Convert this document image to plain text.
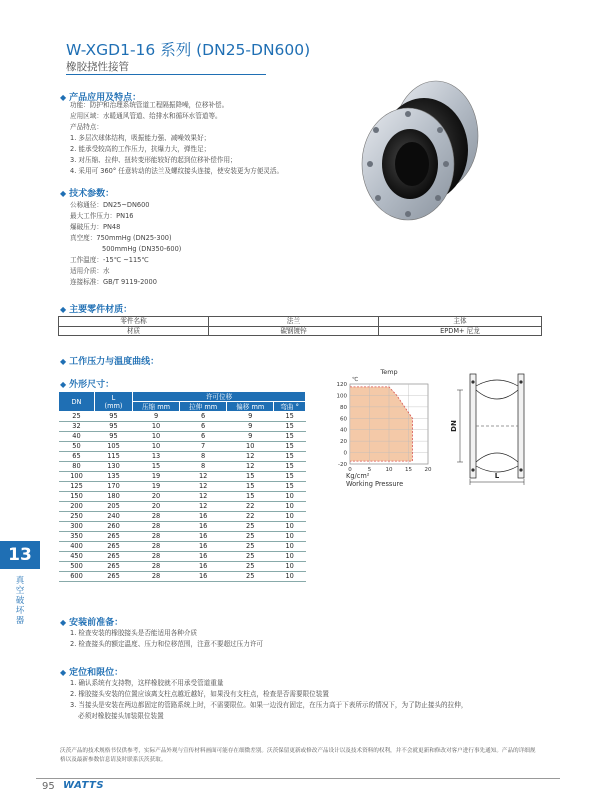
W-XGD1-16 系列 (DN25-DN600)
橡胶挠性接管
◆ 产品应用及特点：
功能：防护和治理系统管道工程隔振降噪，位移补偿。
应用区域：水暖通风管道、给排水和循环水管道等。
产品特点：
1. 多层次球体结构，吸振能力强、减噪效果好；
2. 能承受较高的工作压力，抗爆力大，弹性足；
3. 对压缩、拉伸、扭转变形能较好的起到位移补偿作用；
4. 采用可 360° 任意转动的法兰及螺纹接头连接，使安装更为方便灵活。
◆ 技术参数：
公称通径：DN25~DN600
最大工作压力：PN16
爆破压力：PN48
真空度：750mmHg (DN25-300)
500mmHg (DN350-600)
工作温度：-15℃ ~115℃
适用介质：水
连接标准：GB/T 9119-2000
◆ 主要零件材质：
零件名称	法兰	主体
材质	碳钢镀锌	EPDM+ 尼龙
◆ 工作压力与温度曲线：
◆ 外形尺寸：
DN	L
(mm)	许可位移			
		压缩 mm	拉伸 mm	偏移 mm	弯曲 °
25	95	9	6	9	15
32	95	10	6	9	15
40	95	10	6	9	15
50	105	10	7	10	15
65	115	13	8	12	15
80	130	15	8	12	15
100	135	19	12	15	15
125	170	19	12	15	15
150	180	20	12	15	10
200	205	20	12	22	10
250	240	28	16	22	10
300	260	28	16	25	10
350	265	28	16	25	10
400	265	28	16	25	10
450	265	28	16	25	10
500	265	28	16	25	10
600	265	28	16	25	10
0	5	10 15 20
120
100
80
60
40
20
0
-20
Temp
℃
Kg/cm²
Working Pressure
DN
L
13
真空破坏器	◆ 安装前准备：
1. 检查安装的橡胶接头是否能适用各种介质
2. 检查接头的额定温度、压力和位移范围，注意不要超过压力许可
◆ 定位和限位：
1. 确认系统有支持物，这样橡胶就不用承受管道重量
2. 橡胶接头安装的位置应该离支柱点越近越好，如果没有支柱点，检查是否需要限位装置
3. 当接头是安装在两边都固定的管路系统上时，不需要限位。如果一边没有固定，在压力高于下表所示的情况下，为了防止接头的拉伸，
必须对橡胶接头加装限位装置
沃茨产品的技术规格书仅供参考，实际产品外观与宣传材料画面可能存在细微差别。沃茨保留更新或修改产品设计以及技术资料的权利，并不会就更新和修改对客户进行事先通知。产品的详细规格以及最新参数信息请及时联系沃茨获取。
95 WATTS
